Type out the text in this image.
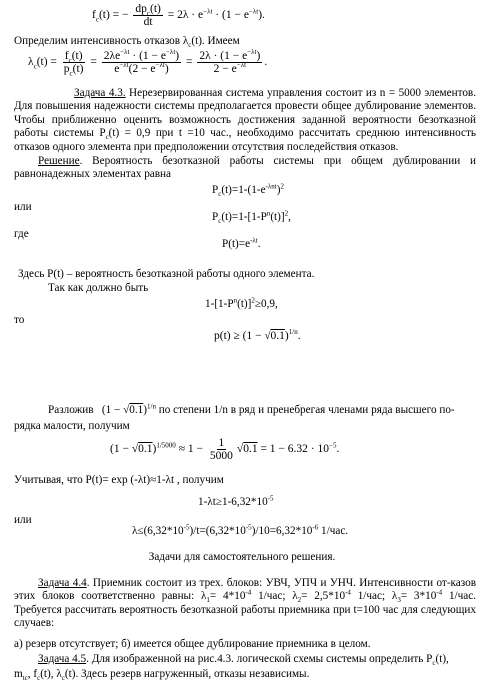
$f_c(t)$ = − $\frac{dp_c(t)}{dt} = 2\lambda \cdot e^{-\lambda t} \cdot (1 - e^{-\lambda t})$.
Определим интенсивность отказов $\lambda_c(t)$. Имеем
$\lambda_c(t) = \frac{f_c(t)}{p_c(t)} = \frac{2\lambda e^{-\lambda t} \cdot (1 - e^{-\lambda t})}{e^{-\lambda t}(2 - e^{-\lambda t})} = \frac{2\lambda \cdot (1 - e^{-\lambda t})}{2 - e^{-\lambda t}}$ .
Задача 4.3. Нерезервированная система управления состоит из n = 5000 элементов. Для повышения надежности системы предполагается провести общее дублирование элементов. Чтобы приближенно оценить возможность достижения заданной вероятности безотказной работы системы $P_c(t) = 0,9$ при t =10 час., необходимо рассчитать среднюю интенсивность отказов одного элемента при предположении отсутствия последействия отказов.
Решение. Вероятность безотказной работы системы при общем дублировании и равнонадежных элементах равна
$P_c(t)=1-(1-e^{-\lambda nt})^2$
или
$P_c(t)=1-[1-P^n(t)]^2$,
где
$P(t)=e^{-\lambda t}$.
Здесь P(t) – вероятность безотказной работы одного элемента.
Так как должно быть
$1-[1-P^n(t)]^2\ge 0,9$,
то
$p(t) \ge (1 - √0.1)^{1/n}$.
Разложив $(1 - √0.1)^{1/n}$ по степени 1/n в ряд и пренебрегая членами ряда высшего по-
рядка малости, получим
$(1 - √0.1)^{1/5000} \approx 1 - \frac{1}{5000} √0.1 = 1 - 6.32 \cdot 10^{-5}$.
Учитывая, что P(t)= exp (-λt)≈1-λt , получим
$1-\lambda t\ge 1-6,32*10^{-5}$
или
$\lambda\le(6,32*10^{-5})/t=(6,32*10^{-5})/10=6,32*10^{-6}$ 1/час.
Задачи для самостоятельного решения.
Задача 4.4. Приемник состоит из трех. блоков: УВЧ, УПЧ и УНЧ. Интенсивности от-казов этих блоков соответственно равны: $\lambda_1= 4*10^{-4}$ 1/час; $\lambda_2= 2,5*10^{-4}$ 1/час; $\lambda_3= 3*10^{-4}$ 1/час. Требуется рассчитать вероятность безотказной работы приемника при t=100 час для следующих случаев:
а) резерв отсутствует; б) имеется общее дублирование приемника в целом.
Задача 4.5. Для изображенной на рис.4.3. логической схемы системы определить $P_c(t)$,
$m_{tc}$, $f_c(t)$, $\lambda_c(t)$. Здесь резерв нагруженный, отказы независимы.
